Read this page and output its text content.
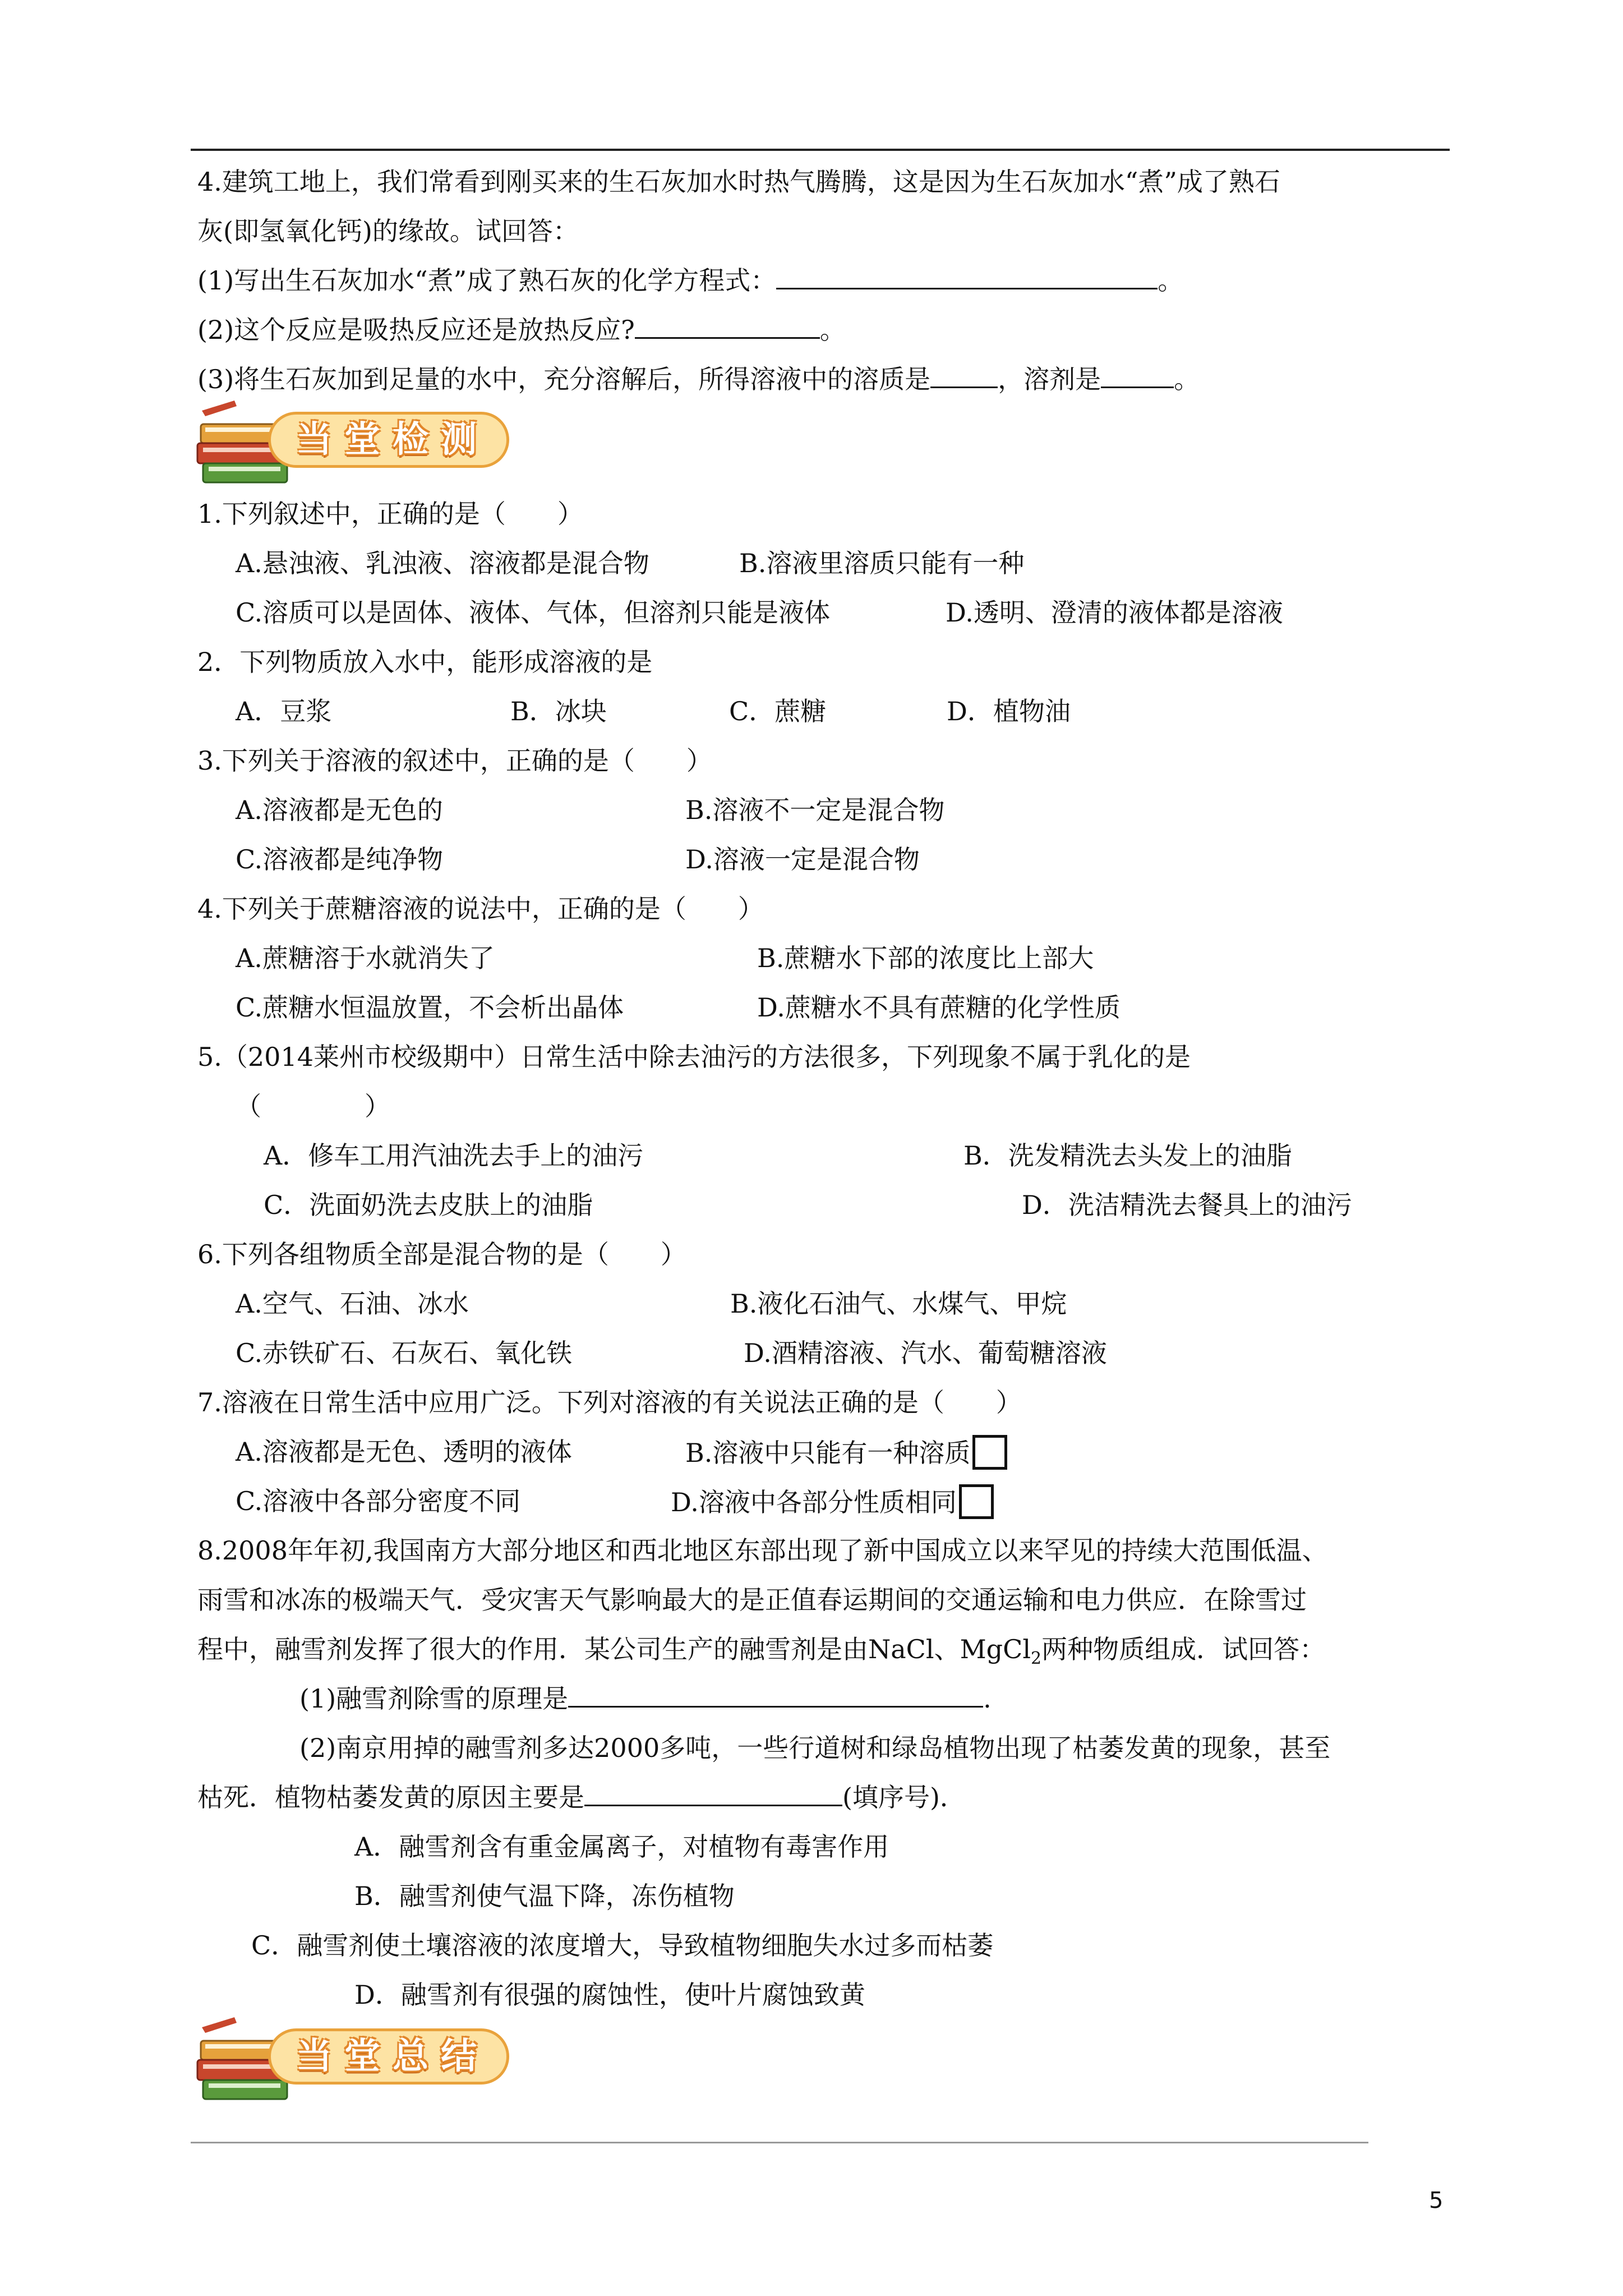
4.建筑工地上，我们常看到刚买来的生石灰加水时热气腾腾，这是因为生石灰加水“煮”成了熟石
灰(即氢氧化钙)的缘故。试回答：
(1)写出生石灰加水“煮”成了熟石灰的化学方程式：	。
(2)这个反应是吸热反应还是放热反应?	。
(3)将生石灰加到足量的水中，充分溶解后，所得溶液中的溶质是	，溶剂是	。
当堂检测
1.下列叙述中，正确的是（　　）
A.悬浊液、乳浊液、溶液都是混合物	B.溶液里溶质只能有一种
C.溶质可以是固体、液体、气体，但溶剂只能是液体	D.透明、澄清的液体都是溶液
2．下列物质放入水中，能形成溶液的是
A．豆浆	B．冰块	C．蔗糖	D．植物油
3.下列关于溶液的叙述中，正确的是（　　）
A.溶液都是无色的	B.溶液不一定是混合物
C.溶液都是纯净物	D.溶液一定是混合物
4.下列关于蔗糖溶液的说法中，正确的是（　　）
A.蔗糖溶于水就消失了	B.蔗糖水下部的浓度比上部大
C.蔗糖水恒温放置，不会析出晶体	D.蔗糖水不具有蔗糖的化学性质
5.（2014莱州市校级期中）日常生活中除去油污的方法很多，下列现象不属于乳化的是
（　　　　）
A．修车工用汽油洗去手上的油污	B．洗发精洗去头发上的油脂
C．洗面奶洗去皮肤上的油脂	D．洗洁精洗去餐具上的油污
6.下列各组物质全部是混合物的是（　　）
A.空气、石油、冰水	B.液化石油气、水煤气、甲烷
C.赤铁矿石、石灰石、氧化铁	D.酒精溶液、汽水、葡萄糖溶液
7.溶液在日常生活中应用广泛。下列对溶液的有关说法正确的是（　　）
A.溶液都是无色、透明的液体	B.溶液中只能有一种溶质
C.溶液中各部分密度不同	D.溶液中各部分性质相同
8.2008年年初,我国南方大部分地区和西北地区东部出现了新中国成立以来罕见的持续大范围低温、
雨雪和冰冻的极端天气．受灾害天气影响最大的是正值春运期间的交通运输和电力供应．在除雪过
程中，融雪剂发挥了很大的作用．某公司生产的融雪剂是由NaCl、MgCl$_2$两种物质组成．试回答：
(1)融雪剂除雪的原理是	.
(2)南京用掉的融雪剂多达2000多吨，一些行道树和绿岛植物出现了枯萎发黄的现象，甚至
枯死．植物枯萎发黄的原因主要是	(填序号)．
A．融雪剂含有重金属离子，对植物有毒害作用
B．融雪剂使气温下降，冻伤植物
C．融雪剂使土壤溶液的浓度增大，导致植物细胞失水过多而枯萎
D．融雪剂有很强的腐蚀性，使叶片腐蚀致黄
当堂总结
5
